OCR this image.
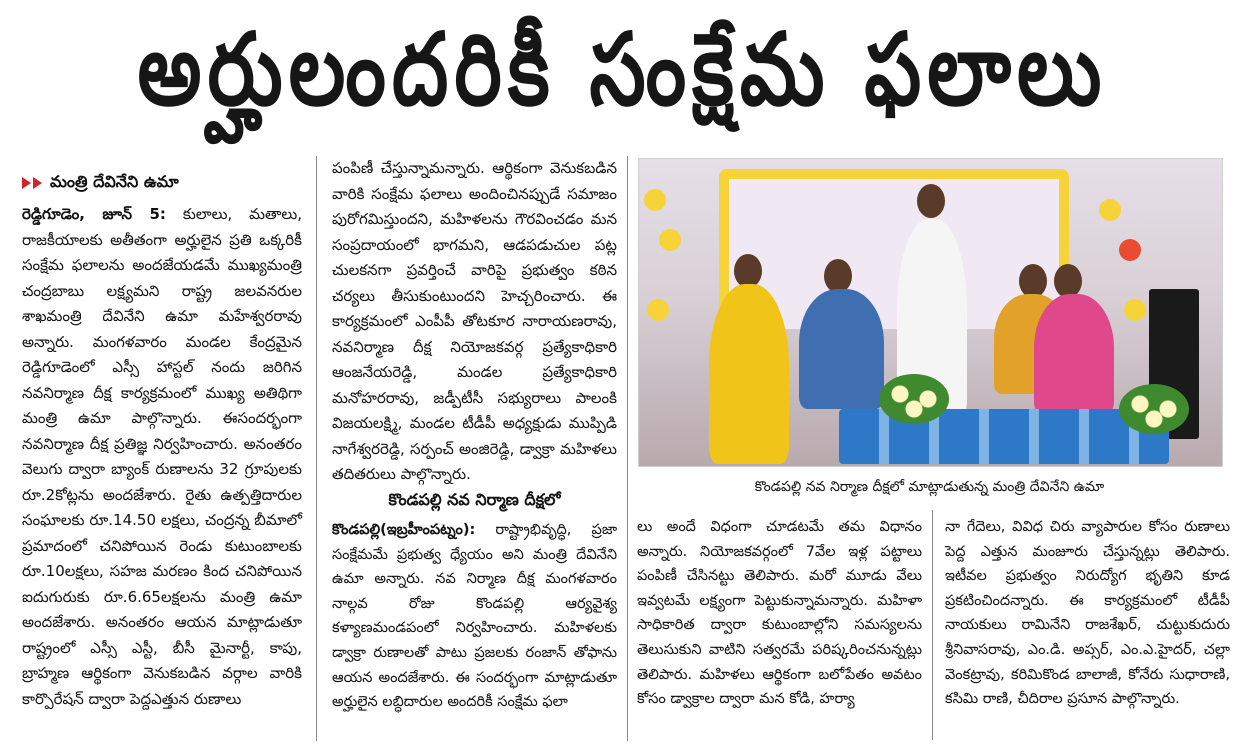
అర్హులందరికీ సంక్షేమ ఫలాలు
మంత్రి దేవినేని ఉమా

రెడ్డిగూడెం, జూన్ 5: కులాలు, మతాలు, రాజకీయాలకు అతీతంగా అర్హులైన ప్రతి ఒక్కరికీ సంక్షేమ ఫలాలను అందజేయడమే ముఖ్యమంత్రి చంద్రబాబు లక్ష్యమని రాష్ట్ర జలవనరుల శాఖమంత్రి దేవినేని ఉమా మహేశ్వరరావు అన్నారు. మంగళవారం మండల కేంద్రమైన రెడ్డిగూడెంలో ఎస్సీ హాస్టల్ నందు జరిగిన నవనిర్మాణ దీక్ష కార్యక్రమంలో ముఖ్య అతిథిగా మంత్రి ఉమా పాల్గొన్నారు. ఈసందర్భంగా నవనిర్మాణ దీక్ష ప్రతిజ్ఞ నిర్వహించారు. అనంతరం వెలుగు ద్వారా బ్యాంక్ రుణాలను 32 గ్రూపులకు రూ.2కోట్లను అందజేశారు. రైతు ఉత్పత్తిదారుల సంఘాలకు రూ.14.50 లక్షలు, చంద్రన్న బీమాలో ప్రమాదంలో చనిపోయిన రెండు కుటుంబాలకు రూ.10లక్షలు, సహజ మరణం కింద చనిపోయిన ఐదుగురుకు రూ.6.65లక్షలను మంత్రి ఉమా అందజేశారు. అనంతరం ఆయన మాట్లాడుతూ రాష్ట్రంలో ఎస్సీ ఎస్టీ, బీసీ మైనార్టీ, కాపు, బ్రాహ్మణ ఆర్థికంగా వెనుకబడిన వర్గాల వారికి కార్పొరేషన్ ద్వారా పెద్దఎత్తున రుణాలు

పంపిణీ చేస్తున్నామన్నారు. ఆర్థికంగా వెనుకబడిన వారికి సంక్షేమ ఫలాలు అందించినప్పుడే సమాజం పురోగమిస్తుందని, మహిళలను గౌరవించడం మన సంప్రదాయంలో భాగమని, ఆడపడుచుల పట్ల చులకనగా ప్రవర్తించే వారిపై ప్రభుత్వం కఠిన చర్యలు తీసుకుంటుందని హెచ్చరించారు. ఈ కార్యక్రమంలో ఎంపీపీ తోటకూర నారాయణరావు, నవనిర్మాణ దీక్ష నియోజకవర్గ ప్రత్యేకాధికారి ఆంజనేయరెడ్డి, మండల ప్రత్యేకాధికారి మనోహరరావు, జడ్పీటీసీ సభ్యురాలు పాలంకి విజయలక్ష్మి, మండల టీడీపీ అధ్యక్షుడు ముప్పిడి నాగేశ్వరరెడ్డి, సర్పంచ్ అంజిరెడ్డి, డ్వాక్రా మహిళలు తదితరులు పాల్గొన్నారు.

కొండపల్లి నవ నిర్మాణ దీక్షలో

కొండపల్లి(ఇబ్రహీంపట్నం): రాష్ట్రాభివృద్ధి, ప్రజా సంక్షేమమే ప్రభుత్వ ధ్యేయం అని మంత్రి దేవినేని ఉమా అన్నారు. నవ నిర్మాణ దీక్ష మంగళవారం నాల్గవ రోజు కొండపల్లి ఆర్యవైశ్య కళ్యాణమండపంలో నిర్వహించారు. మహిళలకు డ్వాక్రా రుణాలతో పాటు ప్రజలకు రంజాన్ తోఫాను ఆయన అందజేశారు. ఈ సందర్భంగా మాట్లాడుతూ అర్హులైన లబ్ధిదారుల అందరికీ సంక్షేమ ఫలా

కొండపల్లి నవ నిర్మాణ దీక్షలో మాట్లాడుతున్న మంత్రి దేవినేని ఉమా

లు అందే విధంగా చూడటమే తమ విధానం అన్నారు. నియోజకవర్గంలో 7వేల ఇళ్ల పట్టాలు పంపిణీ చేసినట్టు తెలిపారు. మరో మూడు వేలు ఇవ్వటమే లక్ష్యంగా పెట్టుకున్నామన్నారు. మహిళా సాధికారిత ద్వారా కుటుంబాల్లోని సమస్యలను తెలుసుకుని వాటిని సత్వరమే పరిష్కరించనున్నట్లు తెలిపారు. మహిళలు ఆర్థికంగా బలోపేతం అవటం కోసం డ్వాక్రాల ద్వారా మన కోడి, హర్యా

నా గేదెలు, వివిధ చిరు వ్యాపారుల కోసం రుణాలు పెద్ద ఎత్తున మంజూరు చేస్తున్నట్లు తెలిపారు. ఇటీవల ప్రభుత్వం నిరుద్యోగ భృతిని కూడ ప్రకటించిందన్నారు. ఈ కార్యక్రమంలో టీడీపీ నాయకులు రామినేని రాజశేఖర్, చుట్టుకుదురు శ్రీనివాసరావు, ఎం.డి. అప్సర్, ఎం.ఎ.హైదర్, చల్లా వెంకట్రావు, కరిమికొండ బాలాజీ, కోనేరు సుధారాణి, కసిమి రాణి, చీదిరాల ప్రసూన పాల్గొన్నారు.
